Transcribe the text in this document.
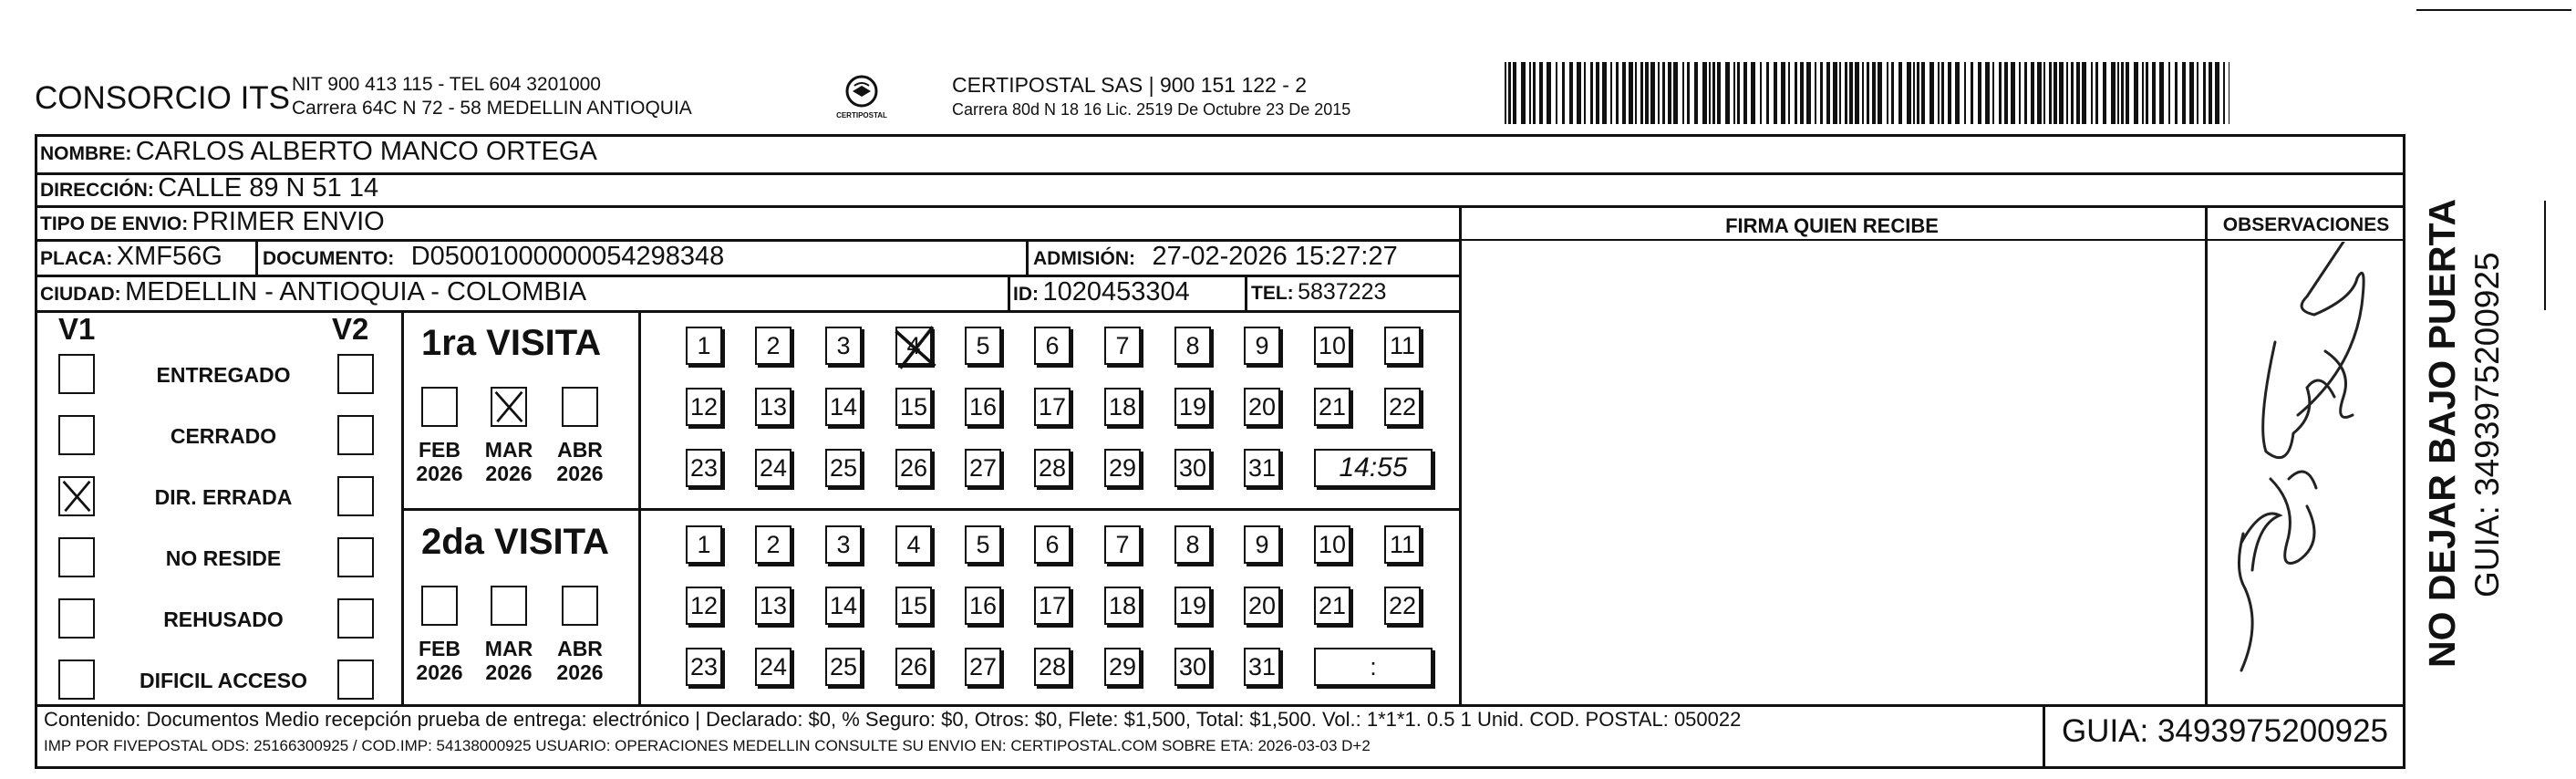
CONSORCIO ITS NIT 900 413 115 - TEL 604 3201000
Carrera 64C N 72 - 58 MEDELLIN ANTIOQUIA	CERTIPOSTAL
CERTIPOSTAL SAS | 900 151 122 - 2
Carrera 80d N 18 16 Lic. 2519 De Octubre 23 De 2015
NOMBRE: CARLOS ALBERTO MANCO ORTEGA
DIRECCIÓN: CALLE 89 N 51 14
TIPO DE ENVIO: PRIMER ENVIO	FIRMA QUIEN RECIBE	OBSERVACIONES
PLACA: XMF56G DOCUMENTO: D05001000000054298348	ADMISIÓN: 27-02-2026 15:27:27
CIUDAD: MEDELLIN - ANTIOQUIA - COLOMBIA	ID: 1020453304	TEL: 5837223
V1	V2
ENTREGADO
CERRADO
DIR. ERRADA
NO RESIDE
REHUSADO
DIFICIL ACCESO
1ra VISITA
FEB
2026
MAR
2026
ABR
2026
1	2	3	4	5	6	7	8	9	10 11
12 13 14 15 16 17 18 19 20 21 22
23 24 25 26 27 28 29 30 31	14:55
2da VISITA
FEB
2026
MAR
2026
ABR
2026
1	2	3	4	5	6	7	8	9	10 11
12 13 14 15 16 17 18 19 20 21 22
23 24 25 26 27 28 29 30 31	:
Contenido: Documentos Medio recepción prueba de entrega: electrónico | Declarado: $0, % Seguro: $0, Otros: $0, Flete: $1,500, Total: $1,500. Vol.: 1*1*1. 0.5 1 Unid. COD. POSTAL: 050022
IMP POR FIVEPOSTAL ODS: 25166300925 / COD.IMP: 54138000925 USUARIO: OPERACIONES MEDELLIN CONSULTE SU ENVIO EN: CERTIPOSTAL.COM SOBRE ETA: 2026-03-03 D+2	GUIA: 3493975200925
NO DEJAR BAJO PUERTA GUIA: 3493975200925
